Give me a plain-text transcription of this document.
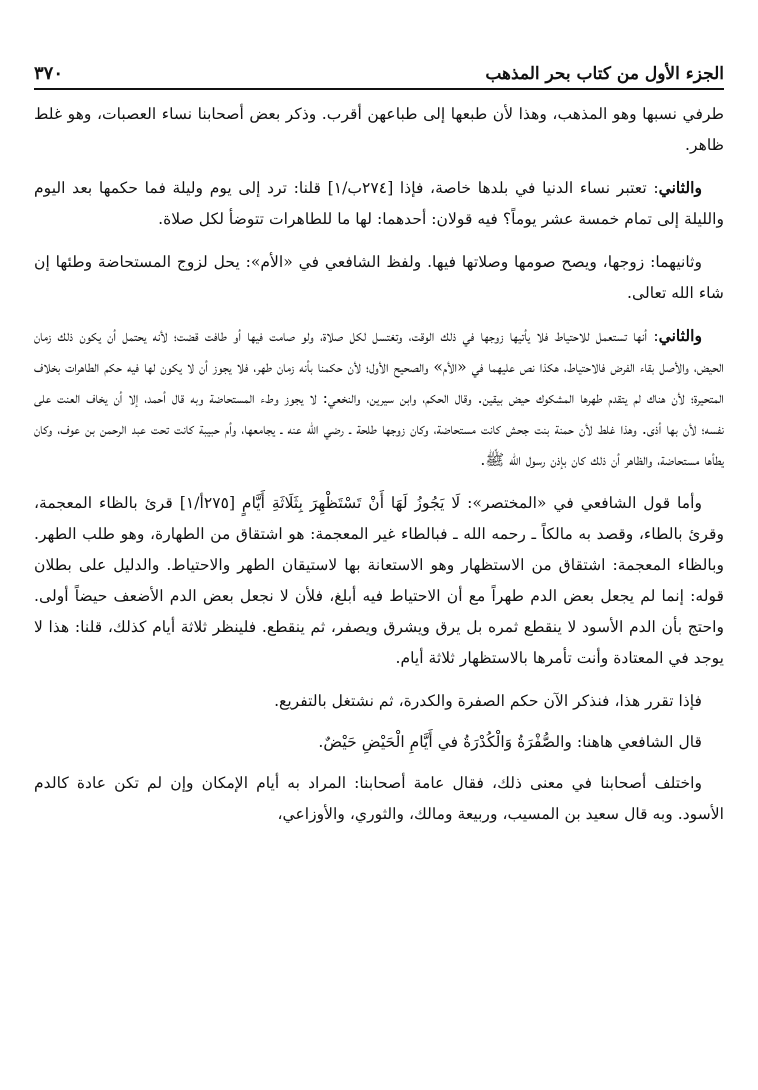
٣٧٠	الجزء الأول من كتاب بحر المذهب

طرفي نسبها وهو المذهب، وهذا لأن طبعها إلى طباعهن أقرب. وذكر بعض أصحابنا نساء العصبات، وهو غلط ظاهر.

والثاني: تعتبر نساء الدنيا في بلدها خاصة، فإذا [٢٧٤ب/١] قلنا: ترد إلى يوم وليلة فما حكمها بعد اليوم والليلة إلى تمام خمسة عشر يوماً؟ فيه قولان: أحدهما: لها ما للطاهرات تتوضأ لكل صلاة.

وثانيهما: زوجها، ويصح صومها وصلاتها فيها. ولفظ الشافعي في «الأم»: يحل لزوج المستحاضة وطئها إن شاء الله تعالى.

والثاني: أنها تستعمل للاحتياط فلا يأتيها زوجها في ذلك الوقت، وتغتسل لكل صلاة، ولو صامت فيها أو طافت قضت؛ لأنه يحتمل أن يكون ذلك زمان الحيض، والأصل بقاء الفرض فالاحتياط، هكذا نص عليهما في «الأم» والصحيح الأول؛ لأن حكمنا بأنه زمان طهر، فلا يجوز أن لا يكون لها فيه حكم الطاهرات بخلاف المتحيرة؛ لأن هناك لم يتقدم طهرها المشكوك حيض بيقين. وقال الحكم، وابن سيرين، والنخعي: لا يجوز وطء المستحاضة وبه قال أحمد، إلا أن يخاف العنت على نفسه؛ لأن بها أذى. وهذا غلط لأن حمنة بنت جحش كانت مستحاضة، وكان زوجها طلحة ـ رضي الله عنه ـ يجامعها، وأم حبيبة كانت تحت عبد الرحمن بن عوف، وكان يطأها مستحاضة، والظاهر أن ذلك كان بإذن رسول الله ﷺ.

وأما قول الشافعي في «المختصر»: لَا يَجُوزُ لَهَا أَنْ تَسْتَظْهِرَ بِثَلَاثَةِ أَيَّامٍ [٢٧٥أ/١] قرئ بالظاء المعجمة، وقرئ بالطاء، وقصد به مالكاً ـ رحمه الله ـ فبالطاء غير المعجمة: هو اشتقاق من الطهارة، وهو طلب الطهر. وبالظاء المعجمة: اشتقاق من الاستظهار وهو الاستعانة بها لاستيقان الطهر والاحتياط. والدليل على بطلان قوله: إنما لم يجعل بعض الدم طهراً مع أن الاحتياط فيه أبلغ، فلأن لا نجعل بعض الدم الأضعف حيضاً أولى. واحتج بأن الدم الأسود لا ينقطع ثمره بل يرق ويشرق ويصفر، ثم ينقطع. فلينظر ثلاثة أيام كذلك، قلنا: هذا لا يوجد في المعتادة وأنت تأمرها بالاستظهار ثلاثة أيام.

فإذا تقرر هذا، فنذكر الآن حكم الصفرة والكدرة، ثم نشتغل بالتفريع.

قال الشافعي هاهنا: والصُّفْرَةُ وَالْكُدْرَةُ في أَيَّامِ الْحَيْضِ حَيْضٌ.

واختلف أصحابنا في معنى ذلك، فقال عامة أصحابنا: المراد به أيام الإمكان وإن لم تكن عادة كالدم الأسود. وبه قال سعيد بن المسيب، وربيعة ومالك، والثوري، والأوزاعي،
